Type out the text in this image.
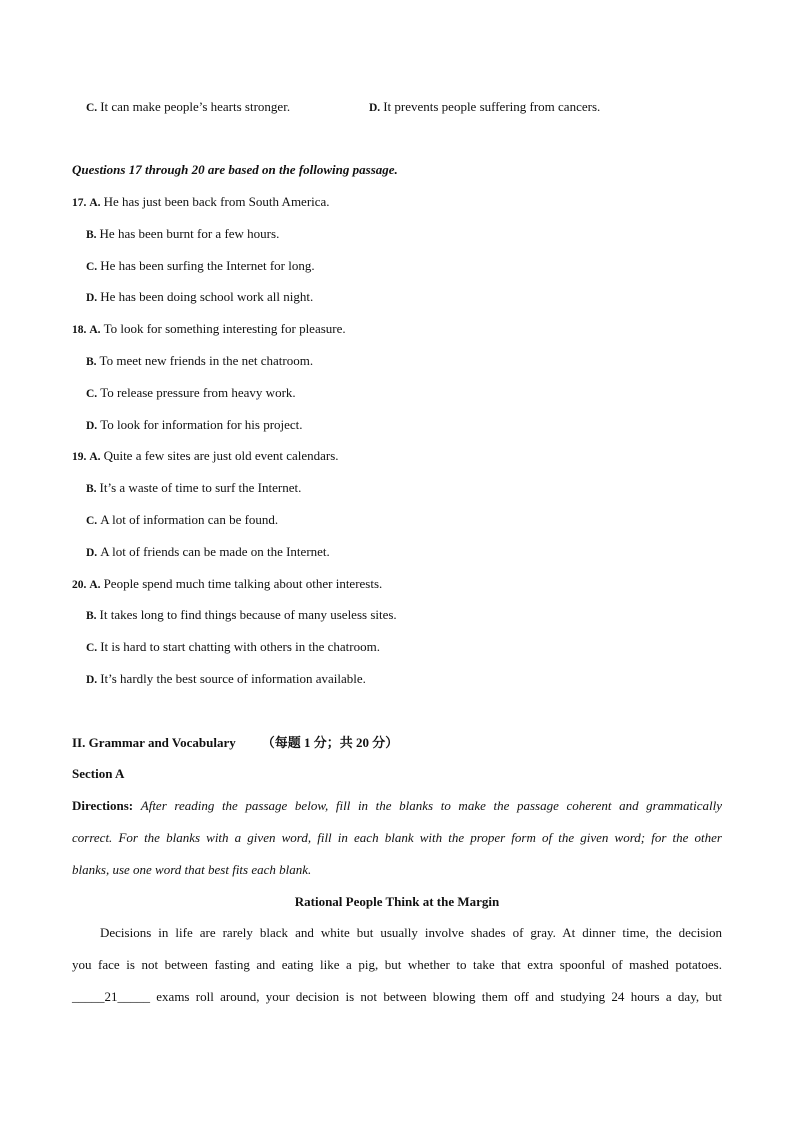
C. It can make people’s hearts stronger.	D. It prevents people suffering from cancers.
Questions 17 through 20 are based on the following passage.
17. A. He has just been back from South America.
B. He has been burnt for a few hours.
C. He has been surfing the Internet for long.
D. He has been doing school work all night.
18. A. To look for something interesting for pleasure.
B. To meet new friends in the net chatroom.
C. To release pressure from heavy work.
D. To look for information for his project.
19. A. Quite a few sites are just old event calendars.
B. It’s a waste of time to surf the Internet.
C. A lot of information can be found.
D. A lot of friends can be made on the Internet.
20. A. People spend much time talking about other interests.
B. It takes long to find things because of many useless sites.
C. It is hard to start chatting with others in the chatroom.
D. It’s hardly the best source of information available.
II. Grammar and Vocabulary （每题 1 分；共 20 分）
Section A
Directions: After reading the passage below, fill in the blanks to make the passage coherent and grammatically
correct. For the blanks with a given word, fill in each blank with the proper form of the given word; for the other
blanks, use one word that best fits each blank.
Rational People Think at the Margin
Decisions in life are rarely black and white but usually involve shades of gray. At dinner time, the decision
you face is not between fasting and eating like a pig, but whether to take that extra spoonful of mashed potatoes.
_____21_____ exams roll around, your decision is not between blowing them off and studying 24 hours a day, but
